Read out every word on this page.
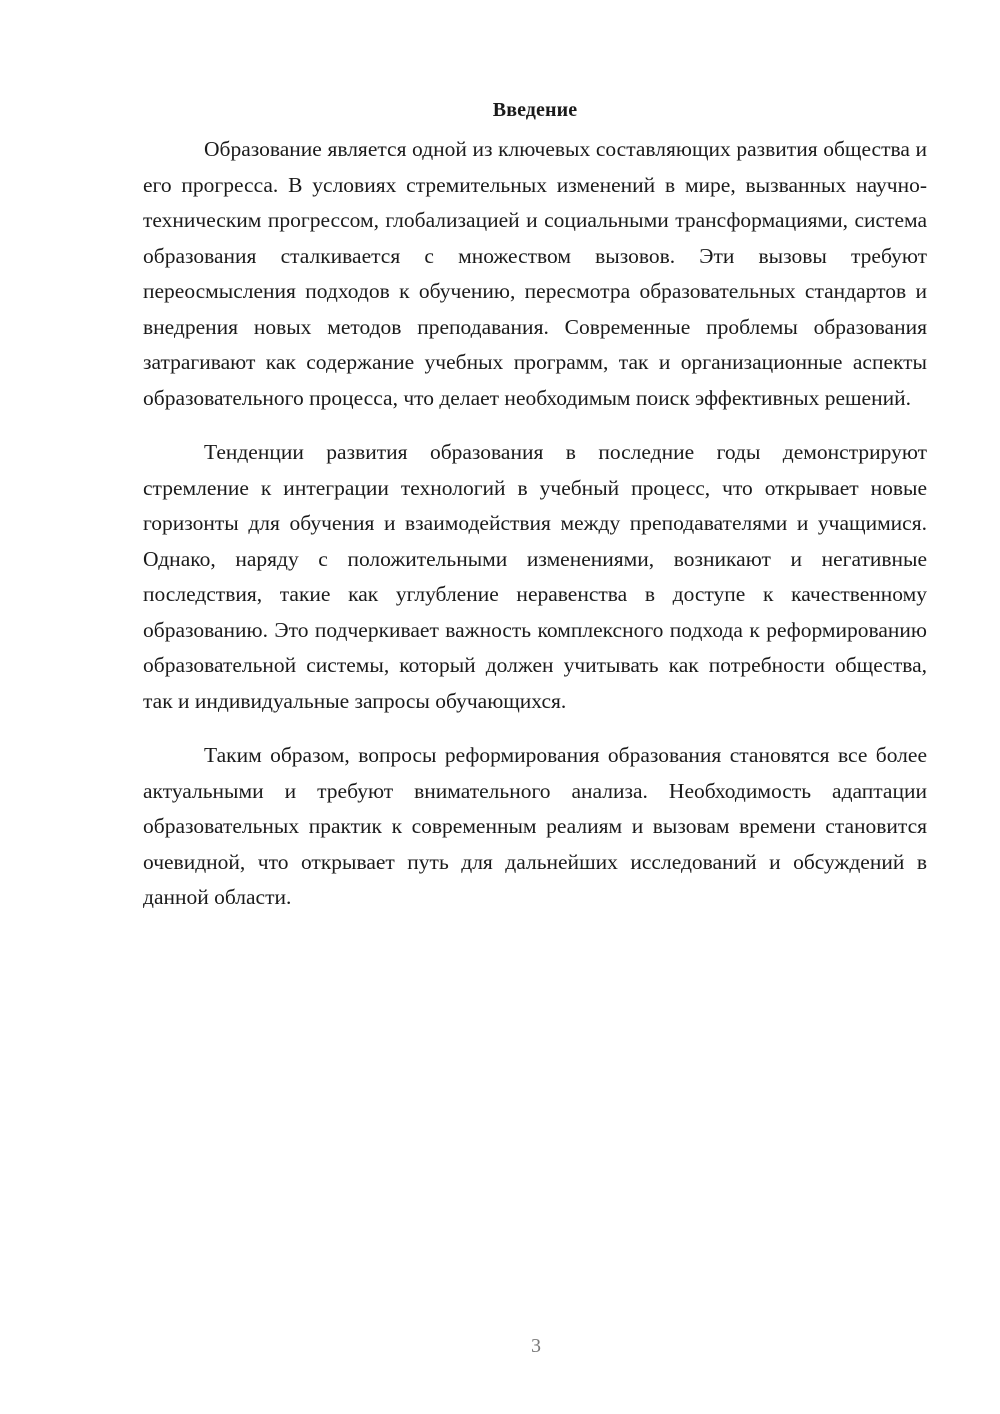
Введение

Образование является одной из ключевых составляющих развития общества и его прогресса. В условиях стремительных изменений в мире, вызванных научно-техническим прогрессом, глобализацией и социальными трансформациями, система образования сталкивается с множеством вызовов. Эти вызовы требуют переосмысления подходов к обучению, пересмотра образовательных стандартов и внедрения новых методов преподавания. Современные проблемы образования затрагивают как содержание учебных программ, так и организационные аспекты образовательного процесса, что делает необходимым поиск эффективных решений.

Тенденции развития образования в последние годы демонстрируют стремление к интеграции технологий в учебный процесс, что открывает новые горизонты для обучения и взаимодействия между преподавателями и учащимися. Однако, наряду с положительными изменениями, возникают и негативные последствия, такие как углубление неравенства в доступе к качественному образованию. Это подчеркивает важность комплексного подхода к реформированию образовательной системы, который должен учитывать как потребности общества, так и индивидуальные запросы обучающихся.

Таким образом, вопросы реформирования образования становятся все более актуальными и требуют внимательного анализа. Необходимость адаптации образовательных практик к современным реалиям и вызовам времени становится очевидной, что открывает путь для дальнейших исследований и обсуждений в данной области.

3
